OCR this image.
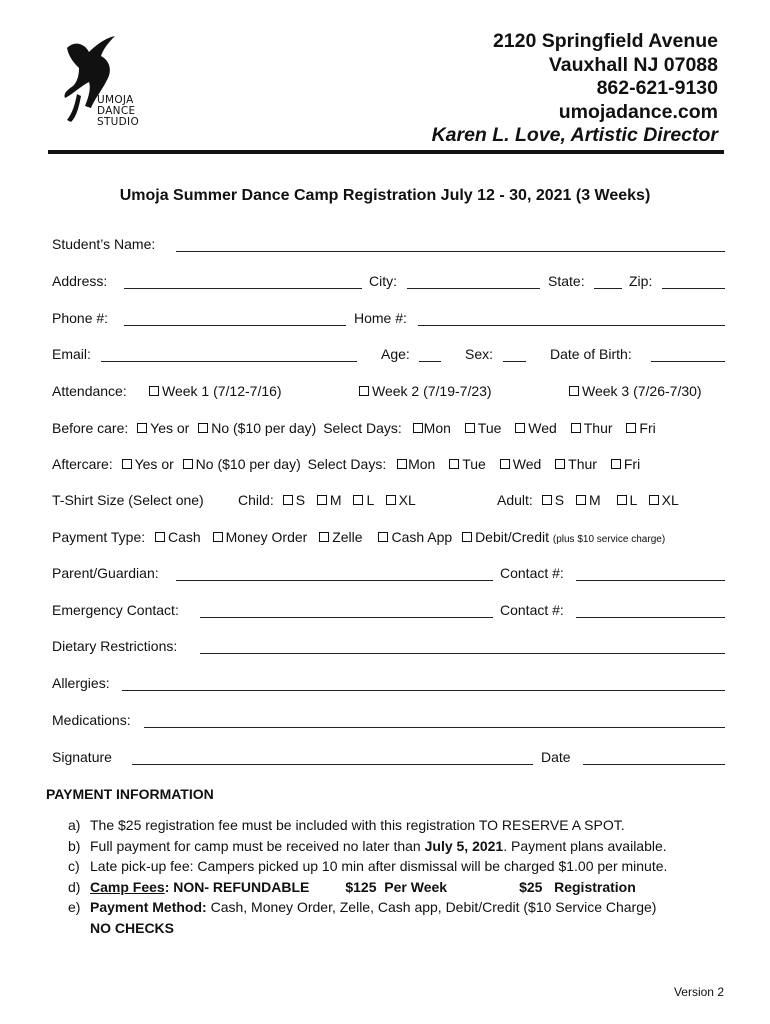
UMOJA
DANCE
STUDIO
2120 Springfield Avenue
Vauxhall NJ 07088
862-621-9130
umojadance.com
Karen L. Love, Artistic Director
Umoja Summer Dance Camp Registration July 12 - 30, 2021 (3 Weeks)
Student’s Name:
Address:	City:	State:	Zip:
Phone #:	Home #:
Email:	Age:	Sex:	Date of Birth:
Attendance:	Week 1 (7/12-7/16)	Week 2 (7/19-7/23)	Week 3 (7/26-7/30)
Before care: Yes or No ($10 per day) Select Days: Mon Tue Wed Thur Fri
Aftercare: Yes or No ($10 per day) Select Days: Mon Tue Wed Thur Fri
T-Shirt Size (Select one) Child: S M L XL	Adult: S M L XL
Payment Type: Cash Money Order Zelle Cash App Debit/Credit (plus $10 service charge)
Parent/Guardian:	Contact #:
Emergency Contact:	Contact #:
Dietary Restrictions:
Allergies:
Medications:
Signature	Date
PAYMENT INFORMATION
a) The $25 registration fee must be included with this registration TO RESERVE A SPOT.
b) Full payment for camp must be received no later than July 5, 2021. Payment plans available.
c) Late pick-up fee: Campers picked up 10 min after dismissal will be charged $1.00 per minute.
d) Camp Fees: NON- REFUNDABLE	$125  Per Week	$25   Registration
e) Payment Method: Cash, Money Order, Zelle, Cash app, Debit/Credit ($10 Service Charge)
NO CHECKS
Version 2
